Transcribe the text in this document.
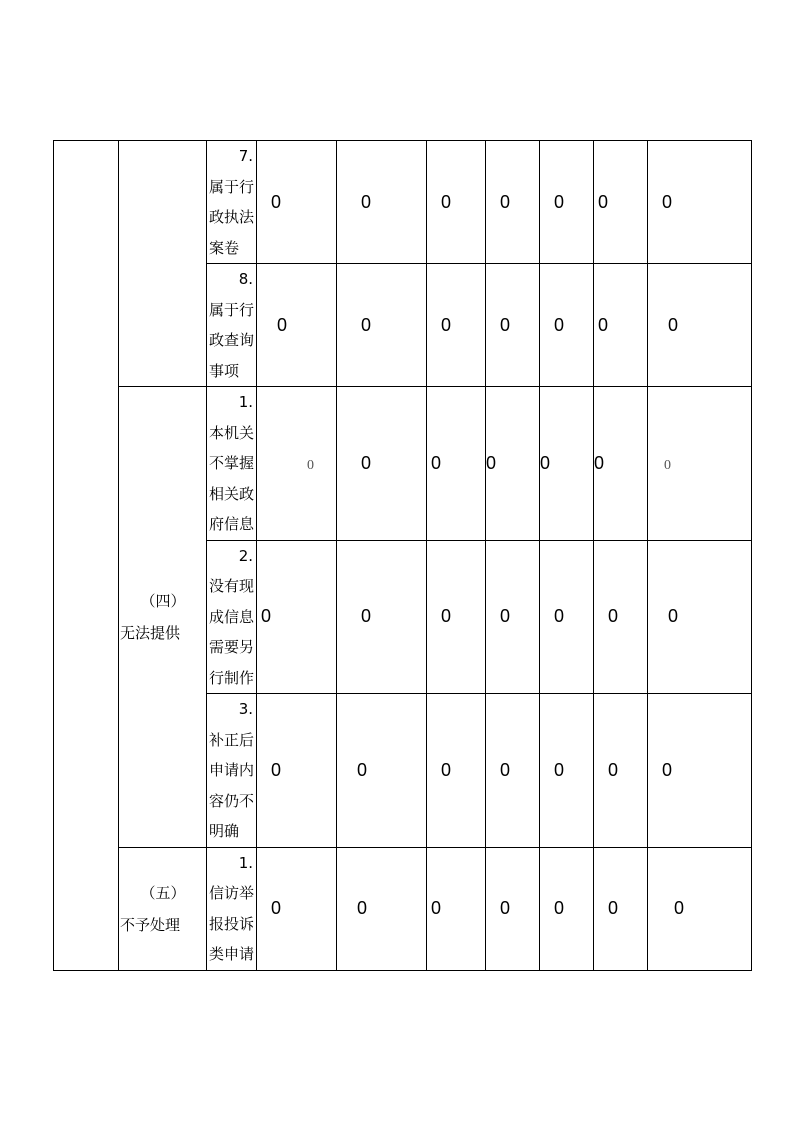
		7.
属于行政执法案卷	0	0	0	0	0	0	0

		8.
属于行政查询事项	0	0	0	0	0	0	0

	（四）
无法提供	1.
本机关不掌握相关政府信息	0	0	0	0	0	0	0

		2.
没有现成信息需要另行制作	0	0	0	0	0	0	0

		3.
补正后申请内容仍不明确	0	0	0	0	0	0	0

	（五）
不予处理	1.
信访举报投诉类申请	0	0	0	0	0	0	0
